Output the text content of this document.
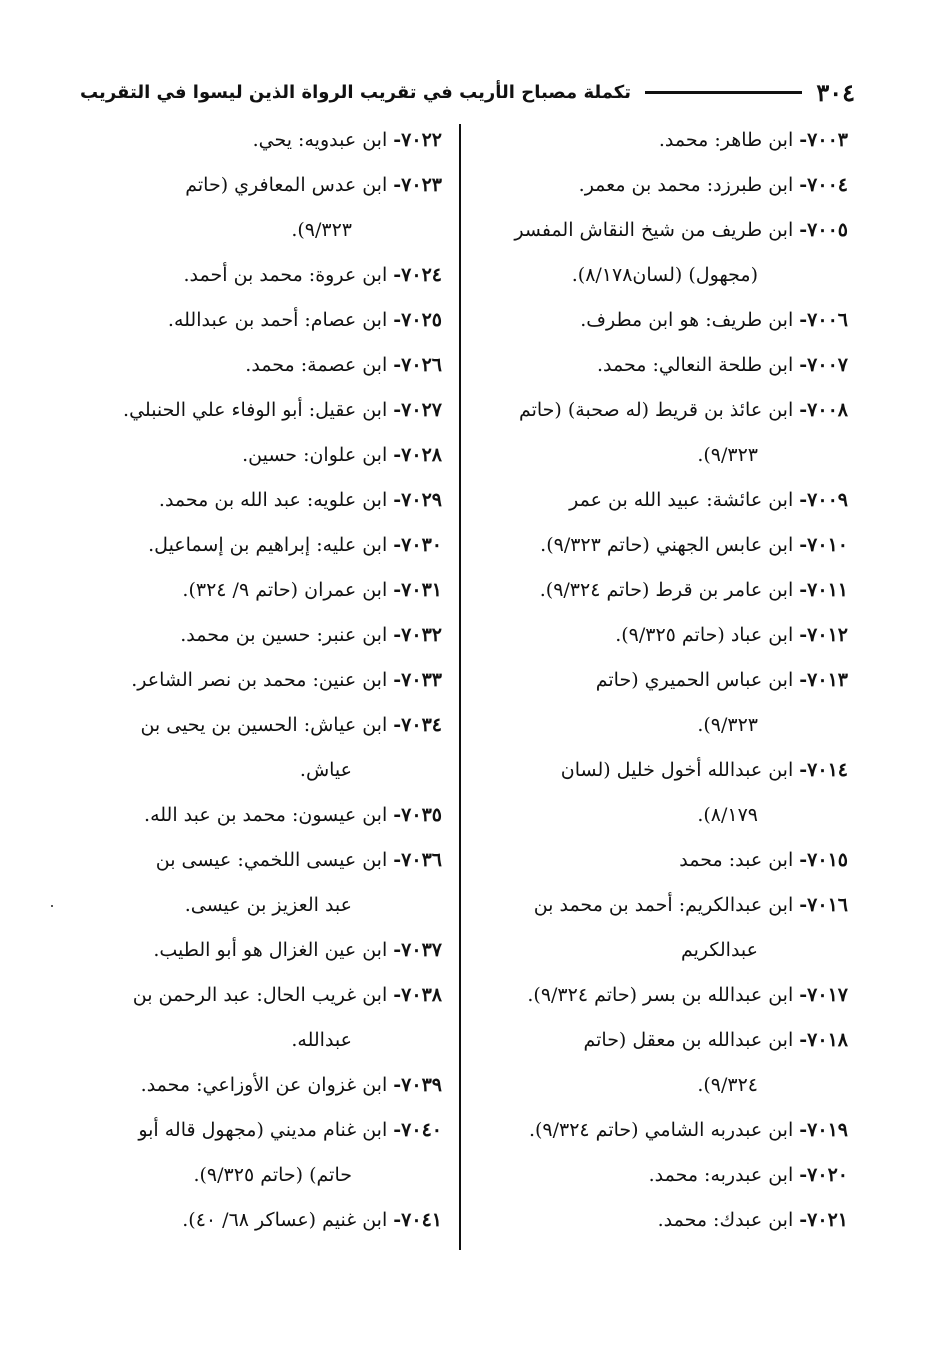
٣٠٤
تكملة مصباح الأريب في تقريب الرواة الذين ليسوا في التقريب

٧٠٠٣- ابن طاهر: محمد.

٧٠٠٤- ابن طبرزد: محمد بن معمر.

٧٠٠٥- ابن طريف من شيخ النقاش المفسر
(مجهول) (لسان٨/١٧٨).

٧٠٠٦- ابن طريف: هو ابن مطرف.

٧٠٠٧- ابن طلحة النعالي: محمد.

٧٠٠٨- ابن عائذ بن قريط (له صحبة) (حاتم
٩/٣٢٣).

٧٠٠٩- ابن عائشة: عبيد الله بن عمر

٧٠١٠- ابن عابس الجهني (حاتم ٩/٣٢٣).

٧٠١١- ابن عامر بن قرط (حاتم ٩/٣٢٤).

٧٠١٢- ابن عباد (حاتم ٩/٣٢٥).

٧٠١٣- ابن عباس الحميري (حاتم
٩/٣٢٣).

٧٠١٤- ابن عبدالله أخول خليل (لسان
٨/١٧٩).

٧٠١٥- ابن عبد: محمد

٧٠١٦- ابن عبدالكريم: أحمد بن محمد بن
عبدالكريم

٧٠١٧- ابن عبدالله بن بسر (حاتم ٩/٣٢٤).

٧٠١٨- ابن عبدالله بن معقل (حاتم
٩/٣٢٤).

٧٠١٩- ابن عبدربه الشامي (حاتم ٩/٣٢٤).

٧٠٢٠- ابن عبدربه: محمد.

٧٠٢١- ابن عبدك: محمد.

٧٠٢٢- ابن عبدويه: يحي.

٧٠٢٣- ابن عدس المعافري (حاتم
٩/٣٢٣).

٧٠٢٤- ابن عروة: محمد بن أحمد.

٧٠٢٥- ابن عصام: أحمد بن عبدالله.

٧٠٢٦- ابن عصمة: محمد.

٧٠٢٧- ابن عقيل: أبو الوفاء علي الحنبلي.

٧٠٢٨- ابن علوان: حسين.

٧٠٢٩- ابن علويه: عبد الله بن محمد.

٧٠٣٠- ابن عليه: إبراهيم بن إسماعيل.

٧٠٣١- ابن عمران (حاتم ٩/ ٣٢٤).

٧٠٣٢- ابن عنبر: حسين بن محمد.

٧٠٣٣- ابن عنين: محمد بن نصر الشاعر.

٧٠٣٤- ابن عياش: الحسين بن يحيى بن
عياش.

٧٠٣٥- ابن عيسون: محمد بن عبد الله.

٧٠٣٦- ابن عيسى اللخمي: عيسى بن
عبد العزيز بن عيسى.

٧٠٣٧- ابن عين الغزال هو أبو الطيب.

٧٠٣٨- ابن غريب الحال: عبد الرحمن بن
عبدالله.

٧٠٣٩- ابن غزوان عن الأوزاعي: محمد.

٧٠٤٠- ابن غنام مديني (مجهول قاله أبو
حاتم) (حاتم ٩/٣٢٥).

٧٠٤١- ابن غنيم (عساكر ٦٨/ ٤٠).
